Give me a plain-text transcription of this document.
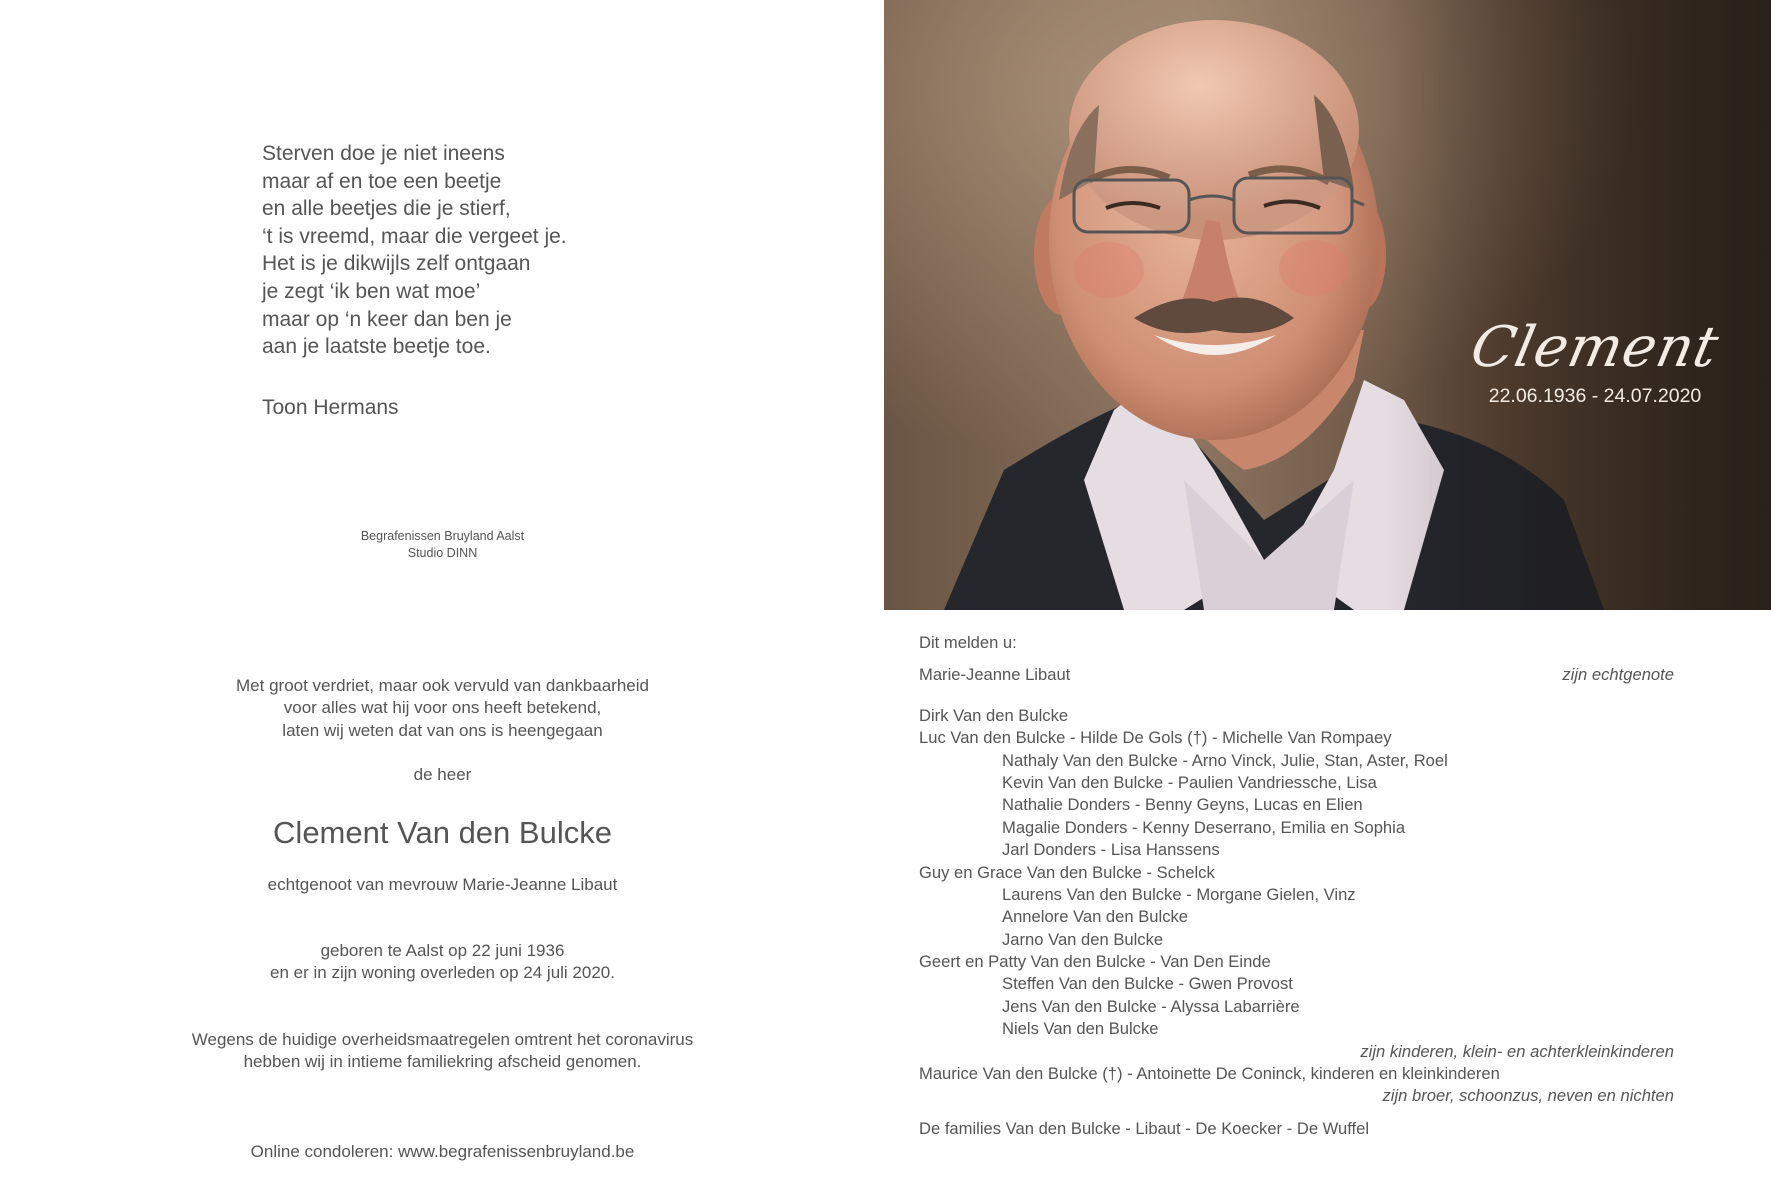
Sterven doe je niet ineens
maar af en toe een beetje
en alle beetjes die je stierf,
‘t is vreemd, maar die vergeet je.
Het is je dikwijls zelf ontgaan
je zegt ‘ik ben wat moe’
maar op ‘n keer dan ben je
aan je laatste beetje toe.
Toon Hermans
Begrafenissen Bruyland Aalst
Studio DINN
Clement
22.06.1936 - 24.07.2020
Met groot verdriet, maar ook vervuld van dankbaarheid
voor alles wat hij voor ons heeft betekend,
laten wij weten dat van ons is heengegaan
de heer
Clement Van den Bulcke
echtgenoot van mevrouw Marie-Jeanne Libaut
geboren te Aalst op 22 juni 1936
en er in zijn woning overleden op 24 juli 2020.
Wegens de huidige overheidsmaatregelen omtrent het coronavirus
hebben wij in intieme familiekring afscheid genomen.
Online condoleren: www.begrafenissenbruyland.be
Dit melden u:
Marie-Jeanne Libaut	zijn echtgenote
Dirk Van den Bulcke
Luc Van den Bulcke - Hilde De Gols (†) - Michelle Van Rompaey
Nathaly Van den Bulcke - Arno Vinck, Julie, Stan, Aster, Roel
Kevin Van den Bulcke - Paulien Vandriessche, Lisa
Nathalie Donders - Benny Geyns, Lucas en Elien
Magalie Donders - Kenny Deserrano, Emilia en Sophia
Jarl Donders - Lisa Hanssens
Guy en Grace Van den Bulcke - Schelck
Laurens Van den Bulcke - Morgane Gielen, Vinz
Annelore Van den Bulcke
Jarno Van den Bulcke
Geert en Patty Van den Bulcke - Van Den Einde
Steffen Van den Bulcke - Gwen Provost
Jens Van den Bulcke - Alyssa Labarrière
Niels Van den Bulcke
zijn kinderen, klein- en achterkleinkinderen
Maurice Van den Bulcke (†) - Antoinette De Coninck, kinderen en kleinkinderen
zijn broer, schoonzus, neven en nichten
De families Van den Bulcke - Libaut - De Koecker - De Wuffel
